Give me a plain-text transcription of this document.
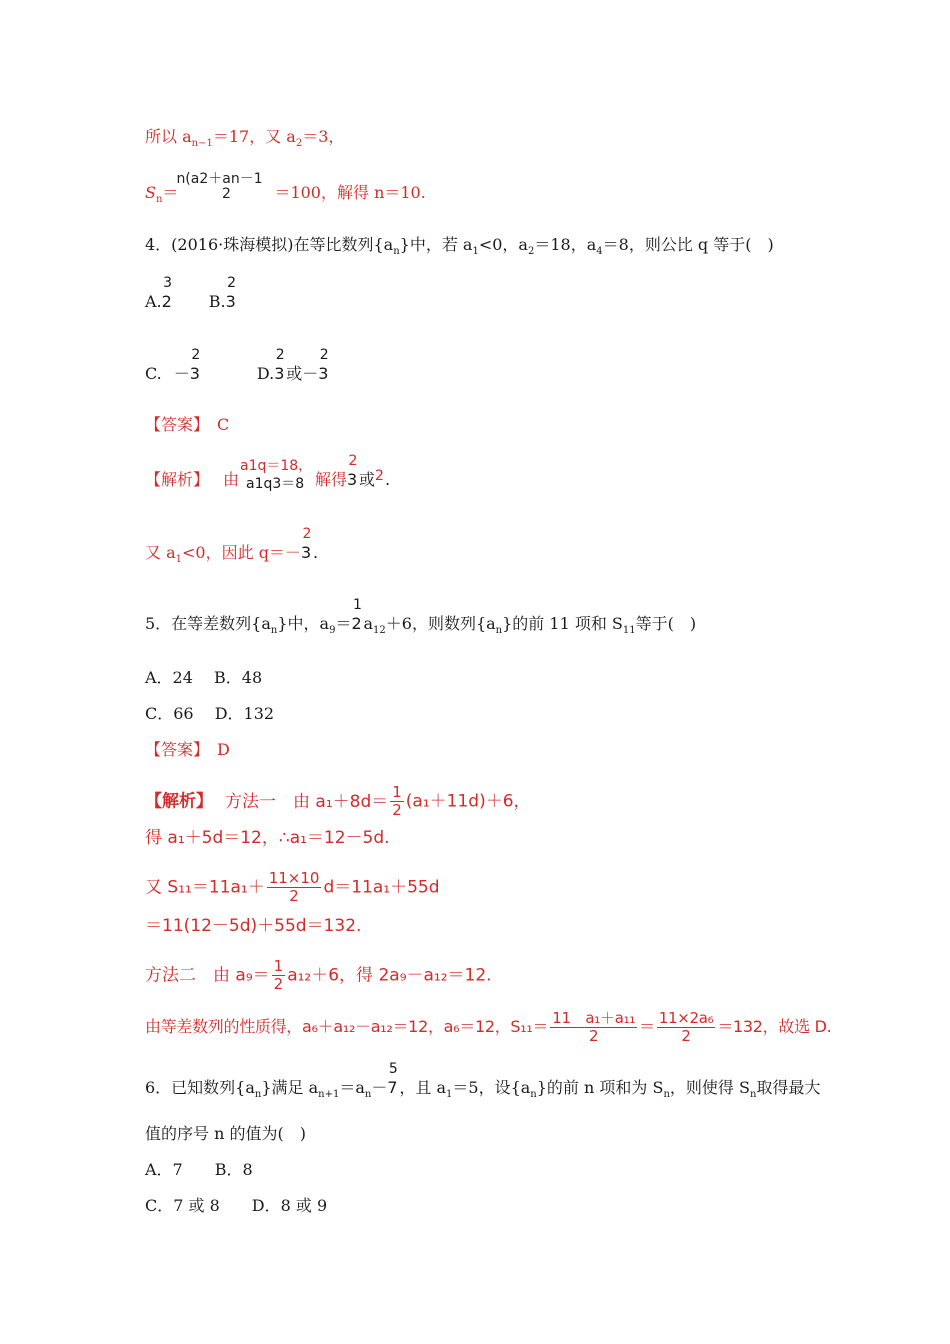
所以 $a_{n-1}=17$，又 $a_2=3$，
$S_n=$
n(a2＋an－1
2	＝100，解得 n＝10.
4．(2016·珠海模拟)在等比数列$\{a_n\}$中，若 $a_1<0$，$a_2=18$，$a_4=8$，则公比 q 等于(　)
A.
3
2 B.
2
3
C. －
2
3	D.
2
3 或－
2
3
【答案】 C
【解析】 由
a1q＝18，
a1q3＝8 解得
2
3 或 2 .
又 $a_1<0$，因此 q＝－
2
3 .
5．在等差数列$\{a_n\}$中，$a_9=$
1
2 $a_{12}+6$，则数列$\{a_n\}$的前 11 项和 $S_{11}$等于(　)
A．24　 B．48
C．66　 D．132
【答案】 D
【解析】 方法一　由 $a_1+8d= \frac{1}{2} (a_1+11d)+6$，
得 a₁＋5d＝12，∴a₁＝12－5d.
又 $S_{11}=11a_1+ \frac{11\times 10}{2} d=11a_1+55d$
＝11(12－5d)＋55d＝132.
方法二　由 $a_9= \frac{1}{2} a_{12}+6$，得 2a₉－a₁₂＝12.
由等差数列的性质得，a₆＋a₁₂－a₁₂＝12，a₆＝12，$S_{11}= \frac{\text{11　a₁＋a₁₁}}{2} = \frac{\text{11×2a₆}}{2} =132$，故选 D.
6．已知数列$\{a_n\}$满足 $a_{n+1}=a_n-$
5
7 ，且 $a_1=5$，设$\{a_n\}$的前 n 项和为 $S_n$，则使得 $S_n$取得最大
值的序号 n 的值为(　)
A．7　　B．8
C．7 或 8　　D．8 或 9
